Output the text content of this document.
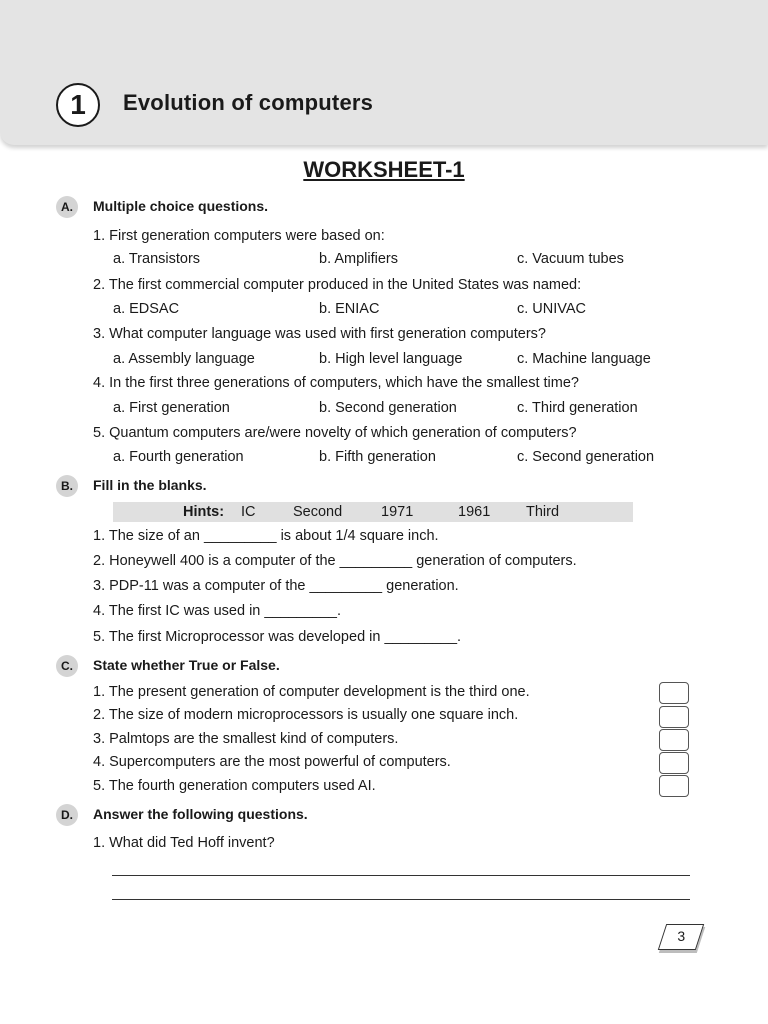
1 Evolution of computers
WORKSHEET-1
A.	Multiple choice questions.
1. First generation computers were based on:
a. Transistors	b. Amplifiers	c. Vacuum tubes
2. The first commercial computer produced in the United States was named:
a. EDSAC	b. ENIAC	c. UNIVAC
3. What computer language was used with first generation computers?
a. Assembly language	b. High level language	c. Machine language
4. In the first three generations of computers, which have the smallest time?
a. First generation	b. Second generation	c. Third generation
5. Quantum computers are/were novelty of which generation of computers?
a. Fourth generation	b. Fifth generation	c. Second generation
B.	Fill in the blanks.
Hints: IC	Second	1971	1961 Third
1. The size of an _________ is about 1/4 square inch.
2. Honeywell 400 is a computer of the _________ generation of computers.
3. PDP-11 was a computer of the _________ generation.
4. The first IC was used in _________.
5. The first Microprocessor was developed in _________.
C.	State whether True or False.
1. The present generation of computer development is the third one.
2. The size of modern microprocessors is usually one square inch.
3. Palmtops are the smallest kind of computers.
4. Supercomputers are the most powerful of computers.
5. The fourth generation computers used AI.
D.	Answer the following questions.
1. What did Ted Hoff invent?
3
